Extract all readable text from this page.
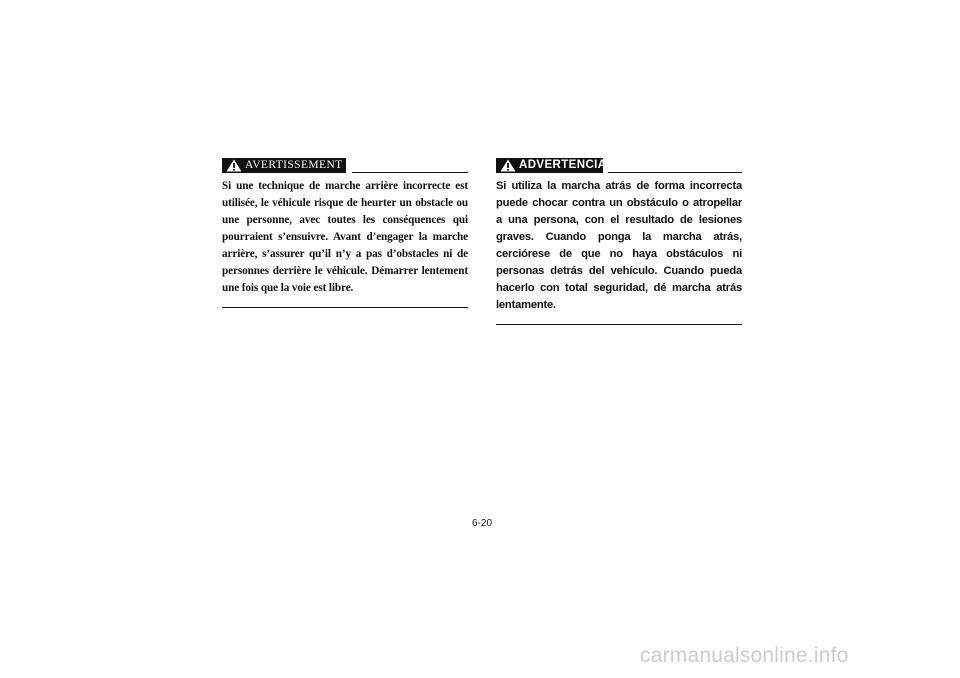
AVERTISSEMENT
Si une technique de marche arrière incorrecte est utilisée, le véhicule risque de heurter un obstacle ou une personne, avec toutes les conséquences qui pourraient s’ensuivre. Avant d’engager la marche arrière, s’assurer qu’il n’y a pas d’obstacles ni de personnes derrière le véhicule. Démarrer lentement une fois que la voie est libre.
ADVERTENCIA
Si utiliza la marcha atrás de forma incorrecta puede chocar contra un obstáculo o atropellar a una persona, con el resultado de lesiones graves. Cuando ponga la marcha atrás, cerciórese de que no haya obstáculos ni personas detrás del vehículo. Cuando pueda hacerlo con total seguridad, dé marcha atrás lentamente.
6-20
carmanualsonline.info
